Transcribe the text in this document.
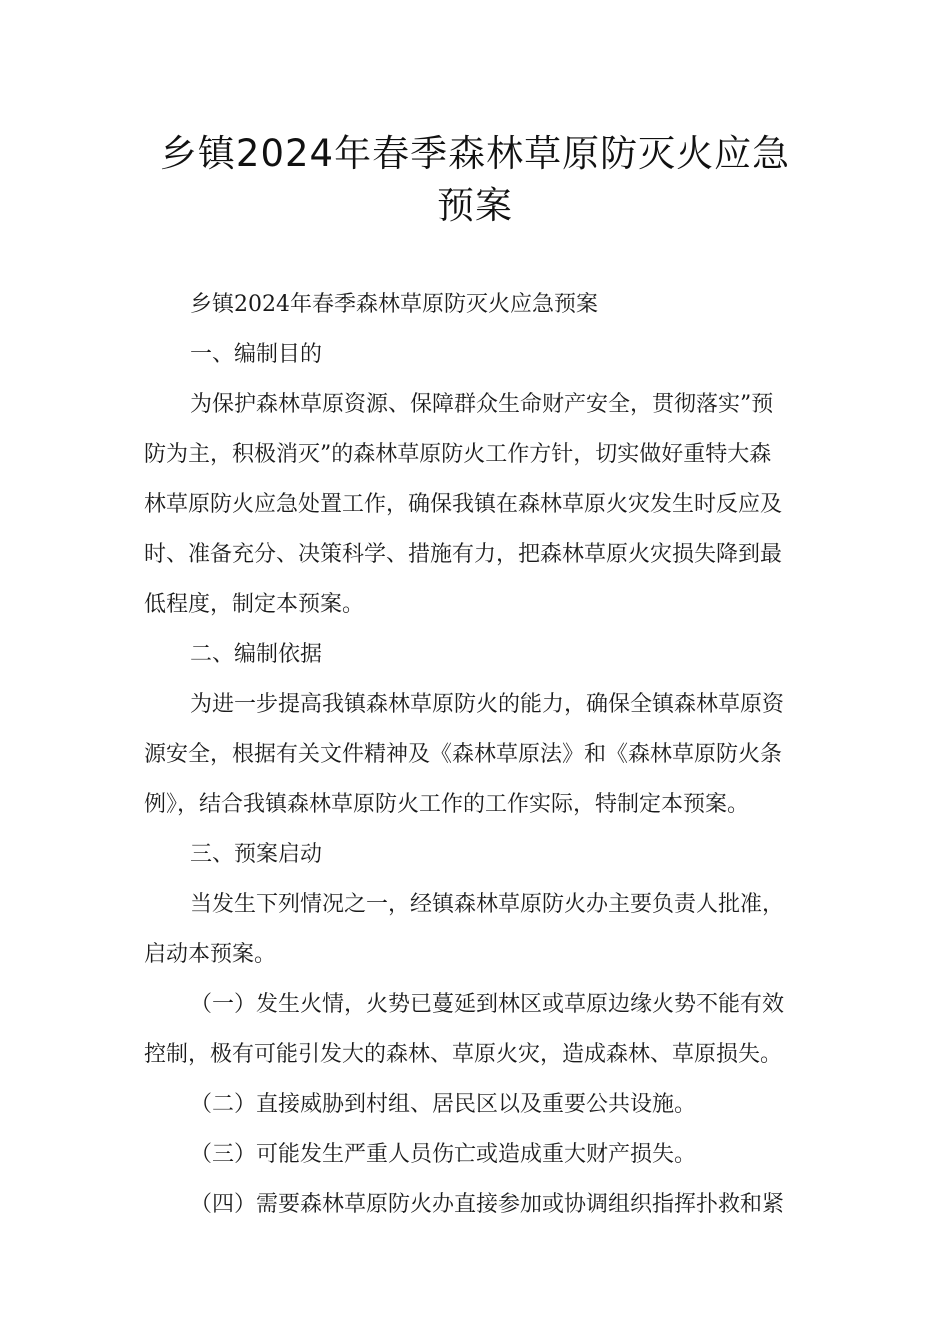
乡镇2024年春季森林草原防灭火应急
预案

乡镇2024年春季森林草原防灭火应急预案

一、编制目的

为保护森林草原资源、保障群众生命财产安全，贯彻落实”预
防为主，积极消灭”的森林草原防火工作方针，切实做好重特大森
林草原防火应急处置工作，确保我镇在森林草原火灾发生时反应及
时、准备充分、决策科学、措施有力，把森林草原火灾损失降到最
低程度，制定本预案。

二、编制依据

为进一步提高我镇森林草原防火的能力，确保全镇森林草原资
源安全，根据有关文件精神及《森林草原法》和《森林草原防火条
例》，结合我镇森林草原防火工作的工作实际，特制定本预案。

三、预案启动

当发生下列情况之一，经镇森林草原防火办主要负责人批准，
启动本预案。

（一）发生火情，火势已蔓延到林区或草原边缘火势不能有效
控制，极有可能引发大的森林、草原火灾，造成森林、草原损失。

（二）直接威胁到村组、居民区以及重要公共设施。

（三）可能发生严重人员伤亡或造成重大财产损失。

（四）需要森林草原防火办直接参加或协调组织指挥扑救和紧
